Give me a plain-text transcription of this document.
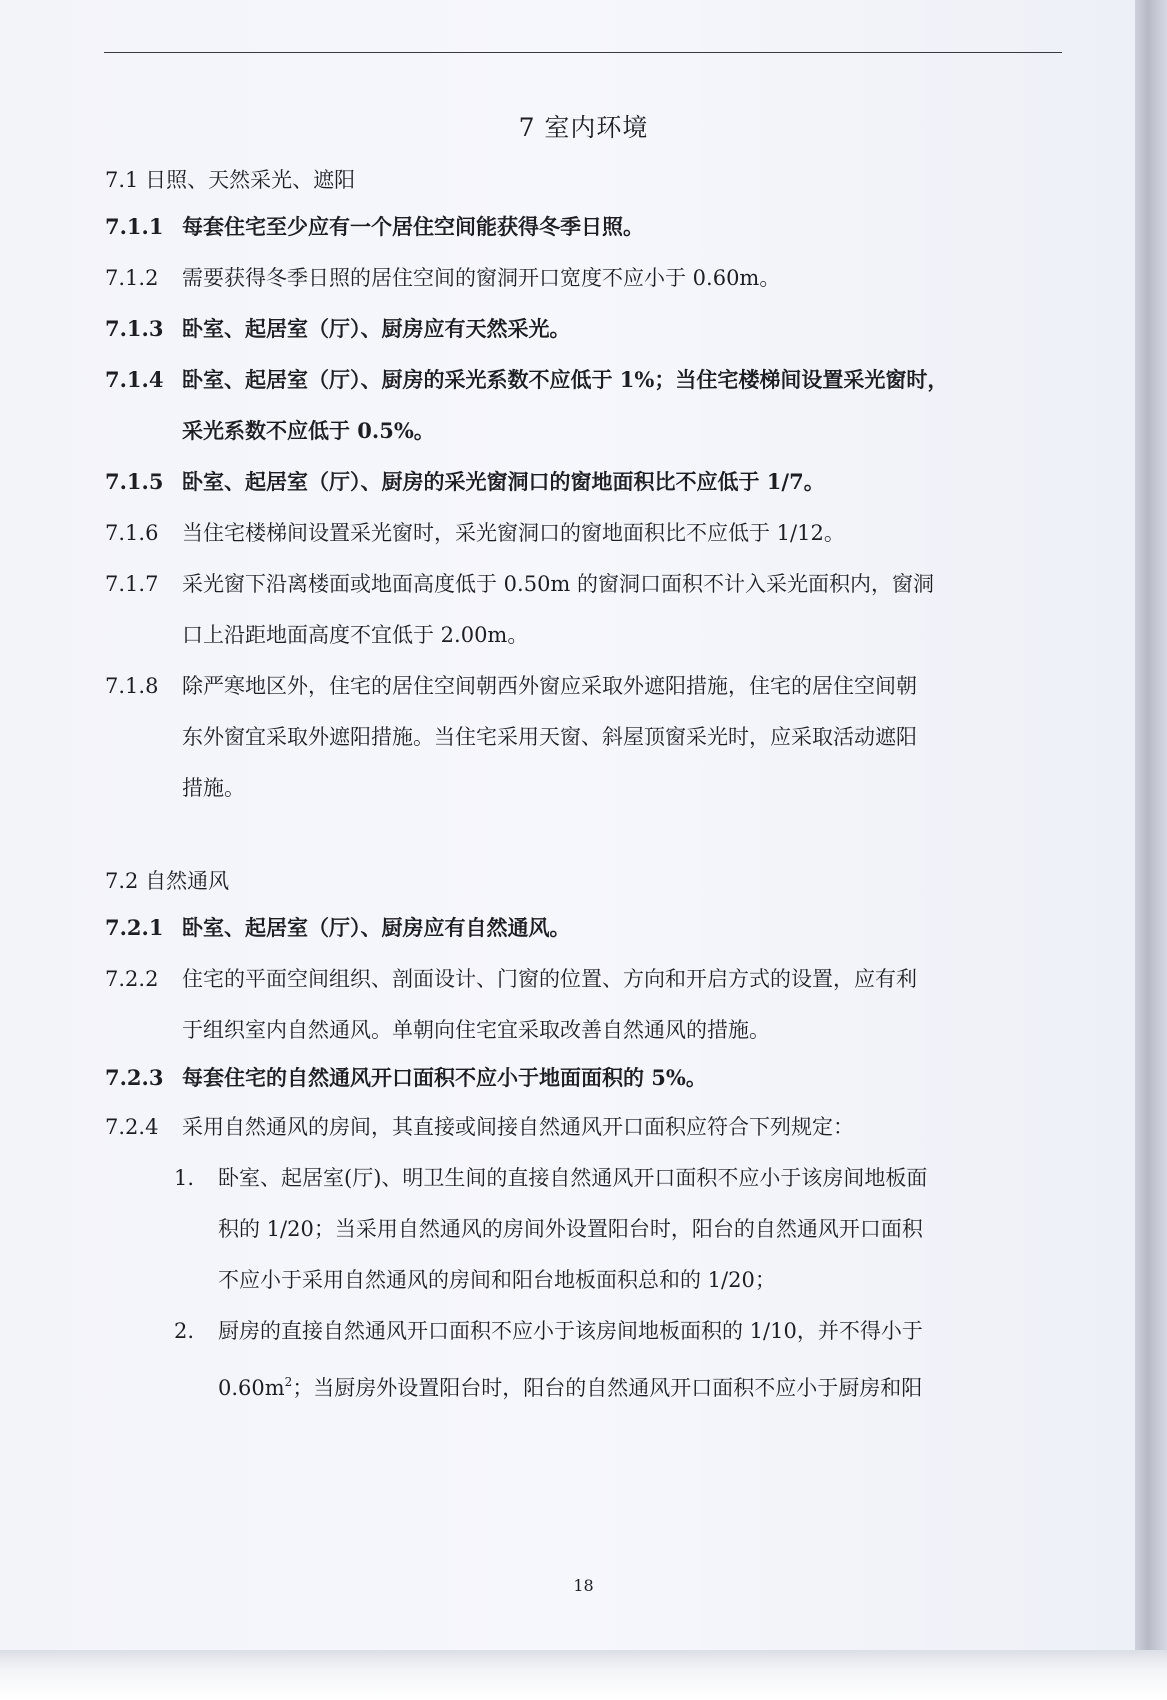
7 室内环境
7.1 日照、天然采光、遮阳
7.1.1 每套住宅至少应有一个居住空间能获得冬季日照。
7.1.2 需要获得冬季日照的居住空间的窗洞开口宽度不应小于 0.60m。
7.1.3 卧室、起居室（厅）、厨房应有天然采光。
7.1.4 卧室、起居室（厅）、厨房的采光系数不应低于 1%；当住宅楼梯间设置采光窗时，
采光系数不应低于 0.5%。
7.1.5 卧室、起居室（厅）、厨房的采光窗洞口的窗地面积比不应低于 1/7。
7.1.6 当住宅楼梯间设置采光窗时，采光窗洞口的窗地面积比不应低于 1/12。
7.1.7 采光窗下沿离楼面或地面高度低于 0.50m 的窗洞口面积不计入采光面积内，窗洞
口上沿距地面高度不宜低于 2.00m。
7.1.8 除严寒地区外，住宅的居住空间朝西外窗应采取外遮阳措施，住宅的居住空间朝
东外窗宜采取外遮阳措施。当住宅采用天窗、斜屋顶窗采光时，应采取活动遮阳
措施。
7.2 自然通风
7.2.1 卧室、起居室（厅）、厨房应有自然通风。
7.2.2 住宅的平面空间组织、剖面设计、门窗的位置、方向和开启方式的设置，应有利
于组织室内自然通风。单朝向住宅宜采取改善自然通风的措施。
7.2.3 每套住宅的自然通风开口面积不应小于地面面积的 5%。
7.2.4 采用自然通风的房间，其直接或间接自然通风开口面积应符合下列规定：
1. 卧室、起居室(厅)、明卫生间的直接自然通风开口面积不应小于该房间地板面
积的 1/20；当采用自然通风的房间外设置阳台时，阳台的自然通风开口面积
不应小于采用自然通风的房间和阳台地板面积总和的 1/20；
2. 厨房的直接自然通风开口面积不应小于该房间地板面积的 1/10，并不得小于
$0.60m^2$；当厨房外设置阳台时，阳台的自然通风开口面积不应小于厨房和阳
18
